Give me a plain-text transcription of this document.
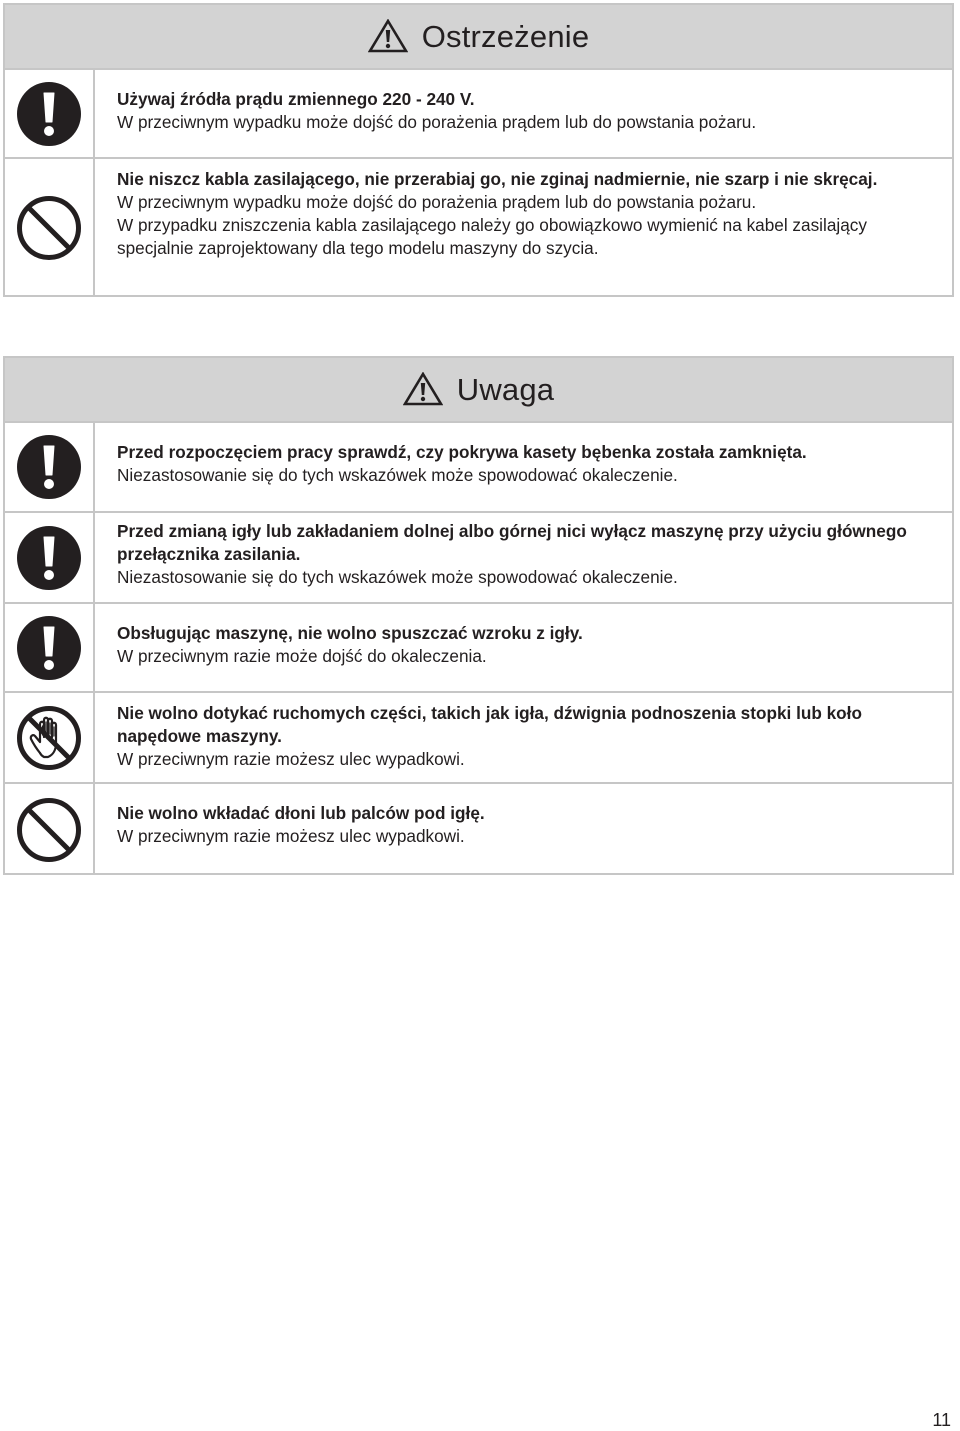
Ostrzeżenie
Używaj źródła prądu zmiennego 220 - 240 V.
W przeciwnym wypadku może dojść do porażenia prądem lub do powstania pożaru.
Nie niszcz kabla zasilającego, nie przerabiaj go, nie zginaj nadmiernie, nie szarp i nie skręcaj.
W przeciwnym wypadku może dojść do porażenia prądem lub do powstania pożaru.
W przypadku zniszczenia kabla zasilającego należy go obowiązkowo wymienić na kabel zasilający specjalnie zaprojektowany dla tego modelu maszyny do szycia.
Uwaga
Przed rozpoczęciem pracy sprawdź, czy pokrywa kasety bębenka została zamknięta.
Niezastosowanie się do tych wskazówek może spowodować okaleczenie.
Przed zmianą igły lub zakładaniem dolnej albo górnej nici wyłącz maszynę przy użyciu głównego przełącznika zasilania.
Niezastosowanie się do tych wskazówek może spowodować okaleczenie.
Obsługując maszynę, nie wolno spuszczać wzroku z igły.
W przeciwnym razie może dojść do okaleczenia.
Nie wolno dotykać ruchomych części, takich jak igła, dźwignia podnoszenia stopki lub koło napędowe maszyny.
W przeciwnym razie możesz ulec wypadkowi.
Nie wolno wkładać dłoni lub palców pod igłę.
W przeciwnym razie możesz ulec wypadkowi.
11
